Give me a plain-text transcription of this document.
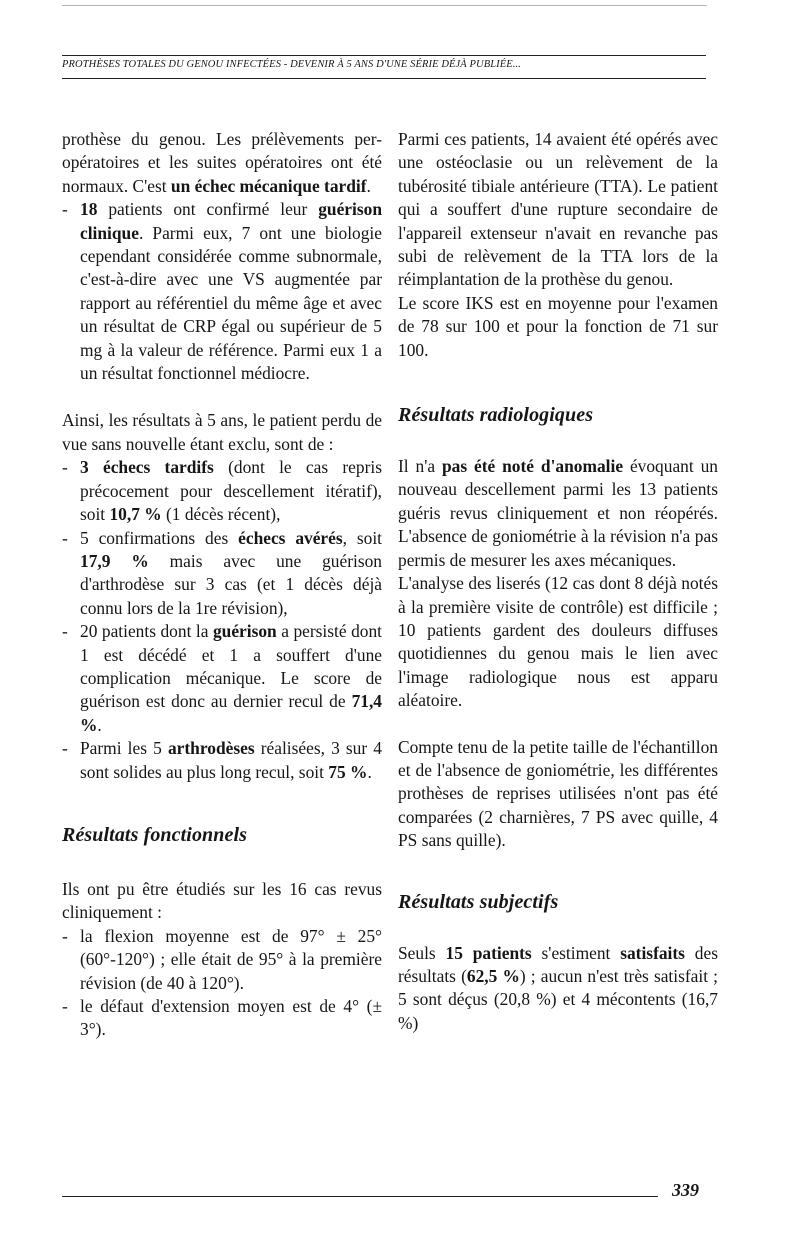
PROTHÈSES TOTALES DU GENOU INFECTÉES - DEVENIR À 5 ANS D'UNE SÉRIE DÉJÀ PUBLIÉE...

prothèse du genou. Les prélèvements per-opératoires et les suites opératoires ont été normaux. C'est un échec mécanique tardif.

- 18 patients ont confirmé leur guérison clinique. Parmi eux, 7 ont une biologie cependant considérée comme subnormale, c'est-à-dire avec une VS augmentée par rapport au référentiel du même âge et avec un résultat de CRP égal ou supérieur de 5 mg à la valeur de référence. Parmi eux 1 a un résultat fonctionnel médiocre.

Ainsi, les résultats à 5 ans, le patient perdu de vue sans nouvelle étant exclu, sont de :

- 3 échecs tardifs (dont le cas repris précocement pour descellement itératif), soit 10,7 % (1 décès récent),
- 5 confirmations des échecs avérés, soit 17,9 % mais avec une guérison d'arthrodèse sur 3 cas (et 1 décès déjà connu lors de la 1re révision),
- 20 patients dont la guérison a persisté dont 1 est décédé et 1 a souffert d'une complication mécanique. Le score de guérison est donc au dernier recul de 71,4 %.
- Parmi les 5 arthrodèses réalisées, 3 sur 4 sont solides au plus long recul, soit 75 %.
Résultats fonctionnels

Ils ont pu être étudiés sur les 16 cas revus cliniquement :

- la flexion moyenne est de 97° ± 25° (60°-120°) ; elle était de 95° à la première révision (de 40 à 120°).
- le défaut d'extension moyen est de 4° (± 3°).

Parmi ces patients, 14 avaient été opérés avec une ostéoclasie ou un relèvement de la tubérosité tibiale antérieure (TTA). Le patient qui a souffert d'une rupture secondaire de l'appareil extenseur n'avait en revanche pas subi de relèvement de la TTA lors de la réimplantation de la prothèse du genou.

Le score IKS est en moyenne pour l'examen de 78 sur 100 et pour la fonction de 71 sur 100.

Résultats radiologiques

Il n'a pas été noté d'anomalie évoquant un nouveau descellement parmi les 13 patients guéris revus cliniquement et non réopérés. L'absence de goniométrie à la révision n'a pas permis de mesurer les axes mécaniques.

L'analyse des liserés (12 cas dont 8 déjà notés à la première visite de contrôle) est difficile ; 10 patients gardent des douleurs diffuses quotidiennes du genou mais le lien avec l'image radiologique nous est apparu aléatoire.

Compte tenu de la petite taille de l'échantillon et de l'absence de goniométrie, les différentes prothèses de reprises utilisées n'ont pas été comparées (2 charnières, 7 PS avec quille, 4 PS sans quille).

Résultats subjectifs

Seuls 15 patients s'estiment satisfaits des résultats (62,5 %) ; aucun n'est très satisfait ; 5 sont déçus (20,8 %) et 4 mécontents (16,7 %)

339
